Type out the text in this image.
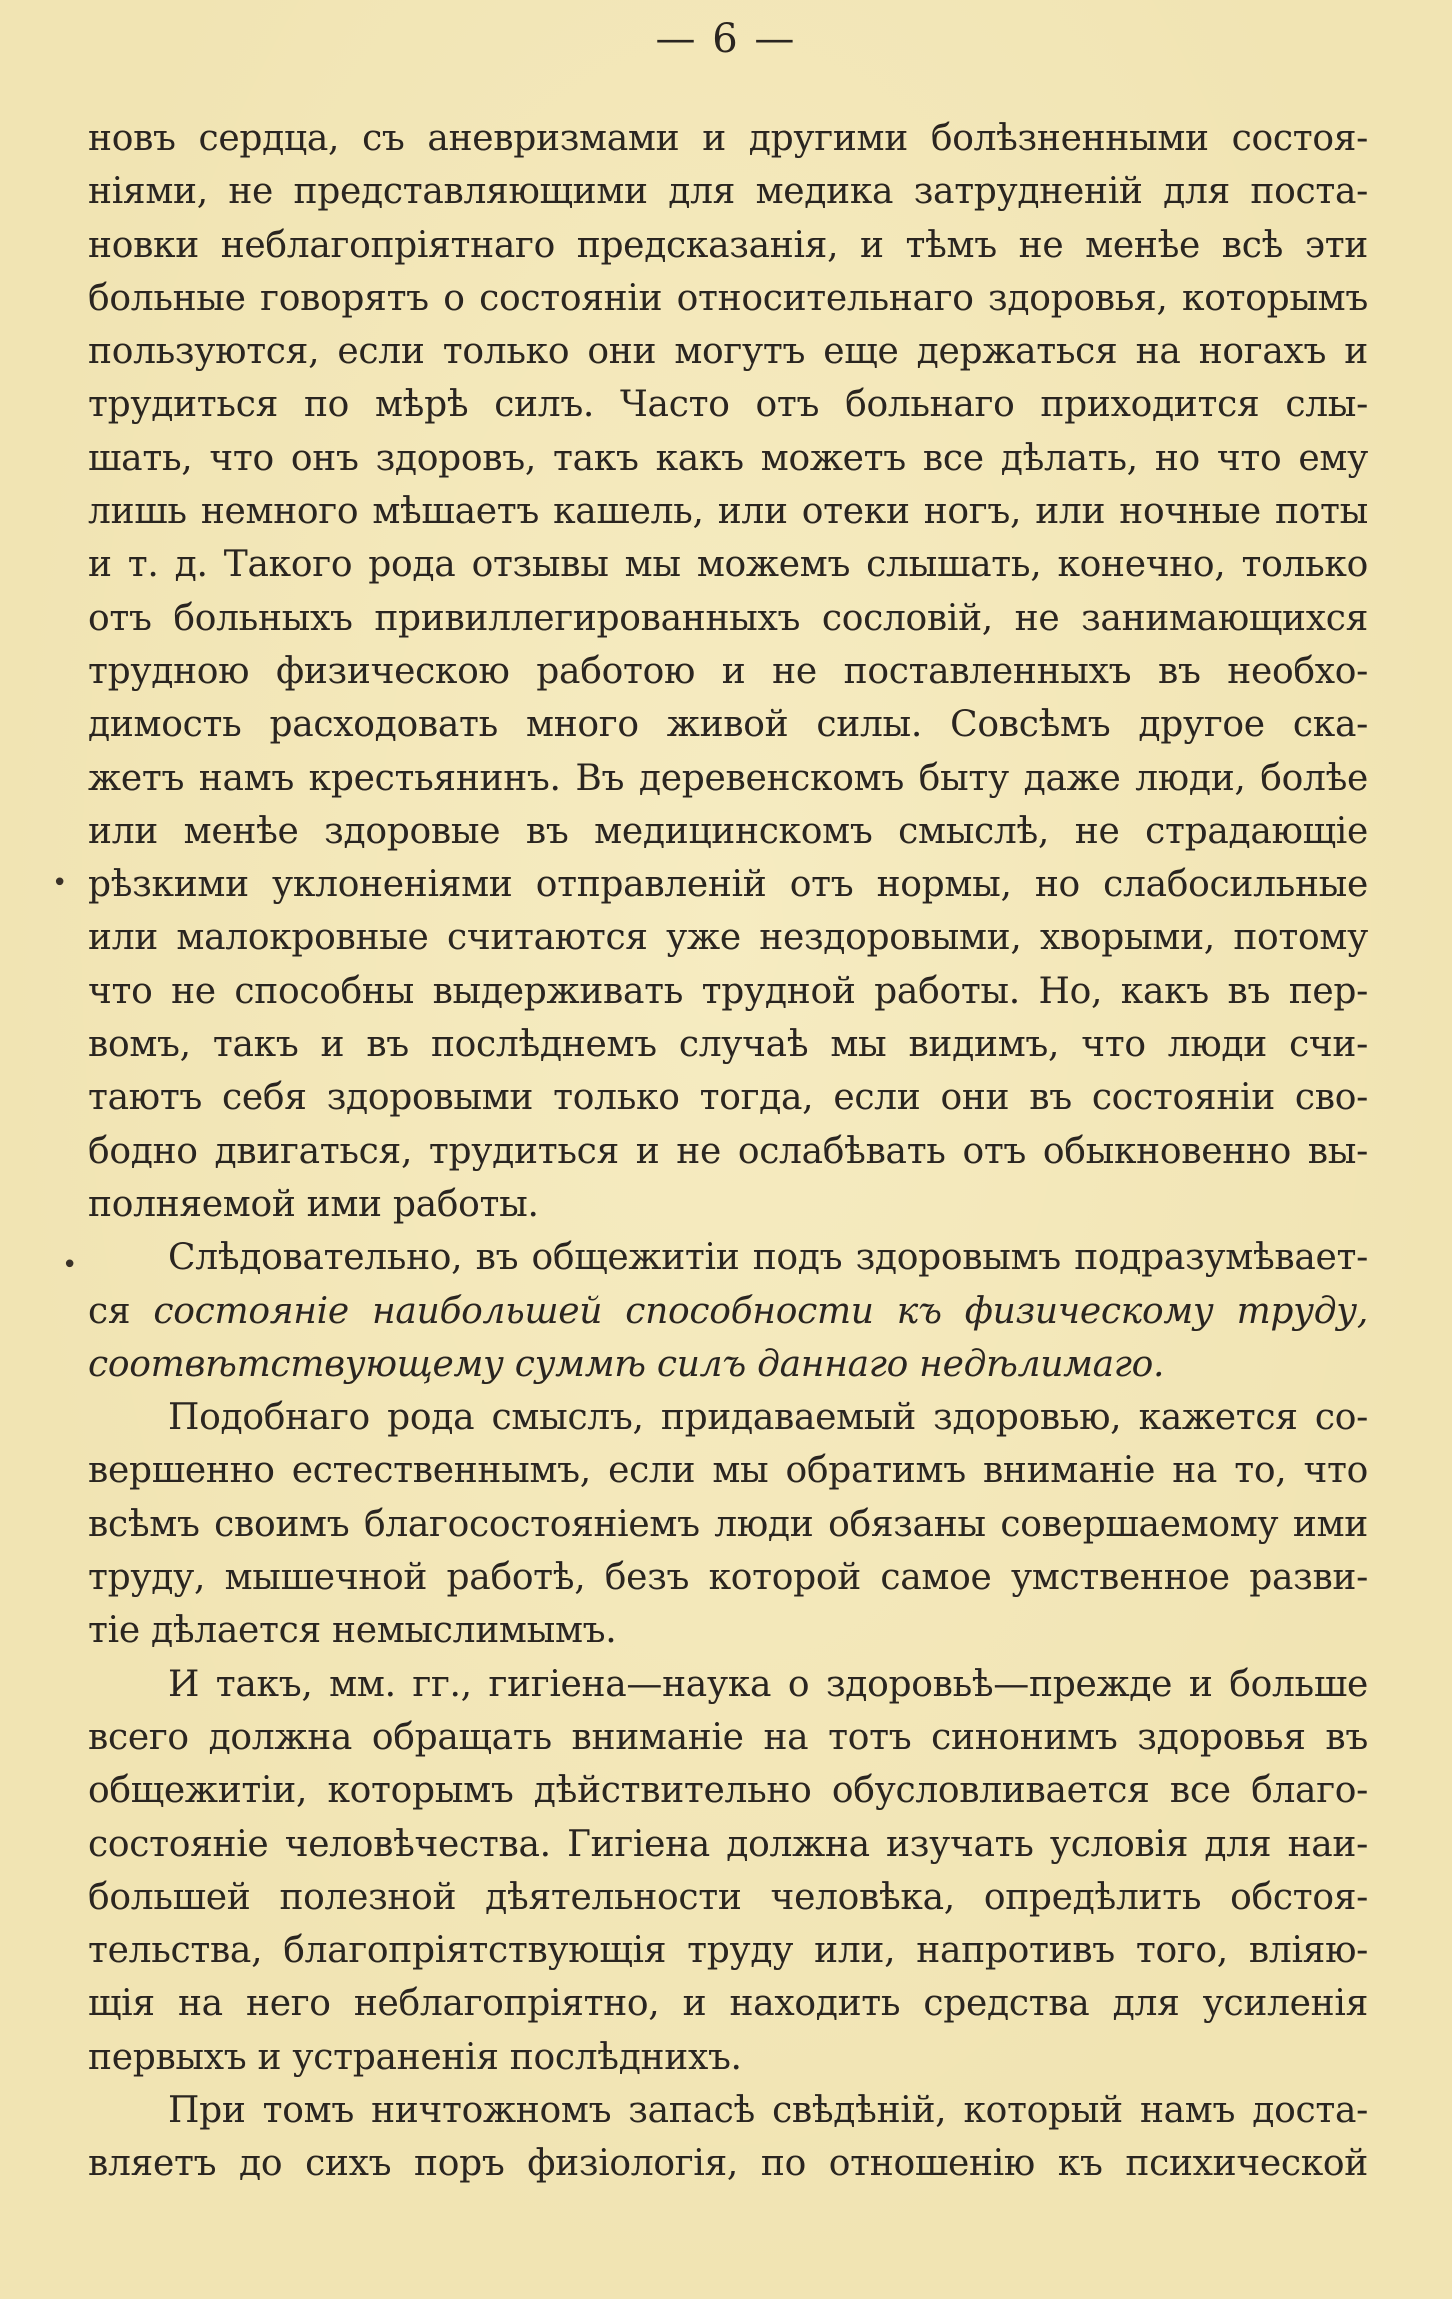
— 6 —
•
•
новъ сердца, съ аневризмами и другими болѣзненными состоя-
ніями, не представляющими для медика затрудненій для поста-
новки неблагопріятнаго предсказанія, и тѣмъ не менѣе всѣ эти
больные говорятъ о состояніи относительнаго здоровья, которымъ
пользуются, если только они могутъ еще держаться на ногахъ и
трудиться по мѣрѣ силъ. Часто отъ больнаго приходится слы-
шать, что онъ здоровъ, такъ какъ можетъ все дѣлать, но что ему
лишь немного мѣшаетъ кашель, или отеки ногъ, или ночные поты
и т. д. Такого рода отзывы мы можемъ слышать, конечно, только
отъ больныхъ привиллегированныхъ сословій, не занимающихся
трудною физическою работою и не поставленныхъ въ необхо-
димость расходовать много живой силы. Совсѣмъ другое ска-
жетъ намъ крестьянинъ. Въ деревенскомъ быту даже люди, болѣе
или менѣе здоровые въ медицинскомъ смыслѣ, не страдающіе
рѣзкими уклоненіями отправленій отъ нормы, но слабосильные
или малокровные считаются уже нездоровыми, хворыми, потому
что не способны выдерживать трудной работы. Но, какъ въ пер-
вомъ, такъ и въ послѣднемъ случаѣ мы видимъ, что люди счи-
таютъ себя здоровыми только тогда, если они въ состояніи сво-
бодно двигаться, трудиться и не ослабѣвать отъ обыкновенно вы-
полняемой ими работы.
Слѣдовательно, въ общежитіи подъ здоровымъ подразумѣвает-
ся состояніе наибольшей способности къ физическому труду,
соотвѣтствующему суммѣ силъ даннаго недѣлимаго.
Подобнаго рода смыслъ, придаваемый здоровью, кажется со-
вершенно естественнымъ, если мы обратимъ вниманіе на то, что
всѣмъ своимъ благосостояніемъ люди обязаны совершаемому ими
труду, мышечной работѣ, безъ которой самое умственное разви-
тіе дѣлается немыслимымъ.
И такъ, мм. гг., гигіена—наука о здоровьѣ—прежде и больше
всего должна обращать вниманіе на тотъ синонимъ здоровья въ
общежитіи, которымъ дѣйствительно обусловливается все благо-
состояніе человѣчества. Гигіена должна изучать условія для наи-
большей полезной дѣятельности человѣка, опредѣлить обстоя-
тельства, благопріятствующія труду или, напротивъ того, вліяю-
щія на него неблагопріятно, и находить средства для усиленія
первыхъ и устраненія послѣднихъ.
При томъ ничтожномъ запасѣ свѣдѣній, который намъ доста-
вляетъ до сихъ поръ физіологія, по отношенію къ психической
